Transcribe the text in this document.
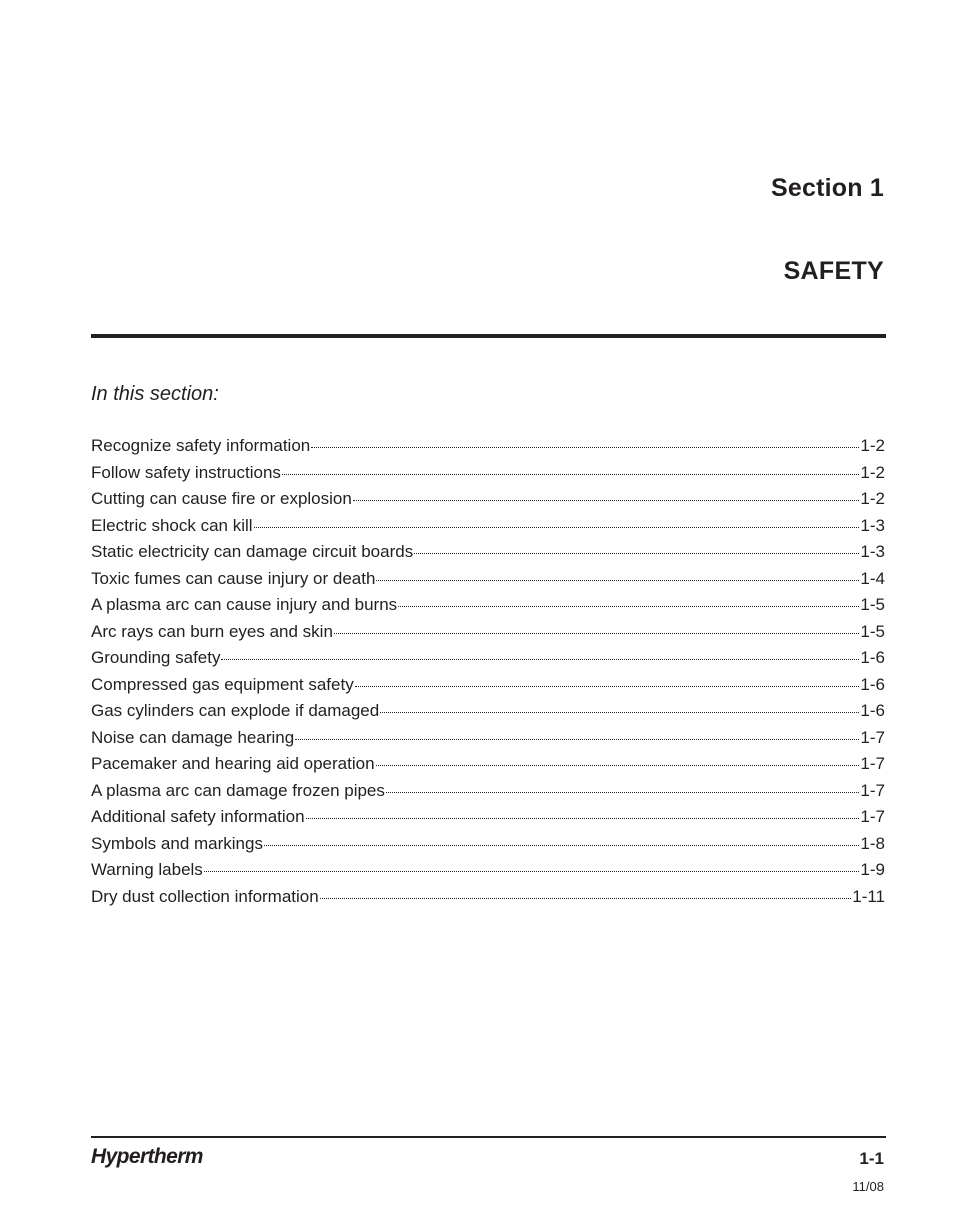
Section 1
SAFETY
In this section:
Recognize safety information	1-2
Follow safety instructions	1-2
Cutting can cause fire or explosion	1-2
Electric shock can kill	1-3
Static electricity can damage circuit boards	1-3
Toxic fumes can cause injury or death	1-4
A plasma arc can cause injury and burns	1-5
Arc rays can burn eyes and skin	1-5
Grounding safety	1-6
Compressed gas equipment safety	1-6
Gas cylinders can explode if damaged	1-6
Noise can damage hearing	1-7
Pacemaker and hearing aid operation	1-7
A plasma arc can damage frozen pipes	1-7
Additional safety information	1-7
Symbols and markings	1-8
Warning labels	1-9
Dry dust collection information	1-11
Hypertherm	1-1
11/08
